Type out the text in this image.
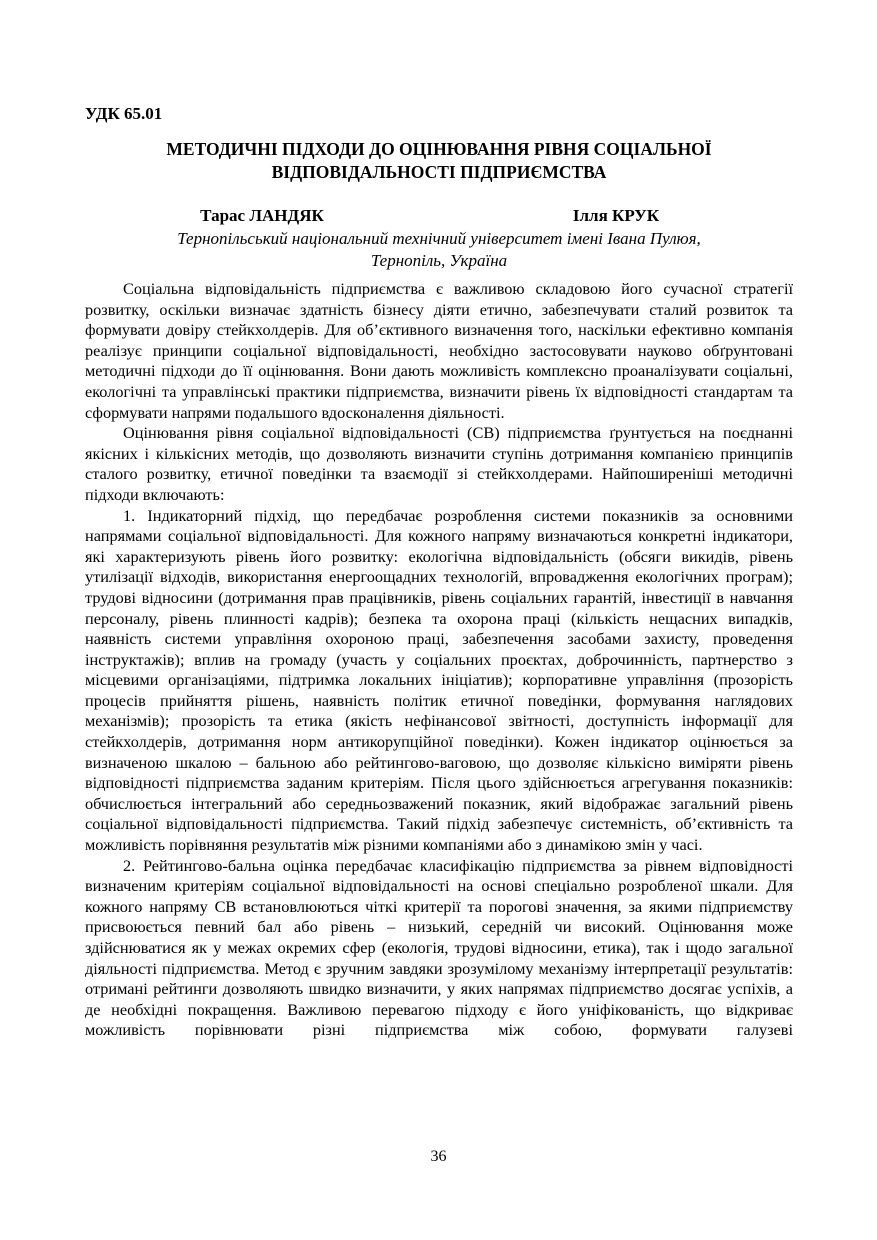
УДК 65.01
МЕТОДИЧНІ ПІДХОДИ ДО ОЦІНЮВАННЯ РІВНЯ СОЦІАЛЬНОЇ
ВІДПОВІДАЛЬНОСТІ ПІДПРИЄМСТВА
Тарас ЛАНДЯК	Ілля КРУК
Тернопільський національний технічний університет імені Івана Пулюя,
Тернопіль, Україна

Соціальна відповідальність підприємства є важливою складовою його сучасної стратегії розвитку, оскільки визначає здатність бізнесу діяти етично, забезпечувати сталий розвиток та формувати довіру стейкхолдерів. Для об’єктивного визначення того, наскільки ефективно компанія реалізує принципи соціальної відповідальності, необхідно застосовувати науково обґрунтовані методичні підходи до її оцінювання. Вони дають можливість комплексно проаналізувати соціальні, екологічні та управлінські практики підприємства, визначити рівень їх відповідності стандартам та сформувати напрями подальшого вдосконалення діяльності.

Оцінювання рівня соціальної відповідальності (СВ) підприємства ґрунтується на поєднанні якісних і кількісних методів, що дозволяють визначити ступінь дотримання компанією принципів сталого розвитку, етичної поведінки та взаємодії зі стейкхолдерами. Найпоширеніші методичні підходи включають:

1. Індикаторний підхід, що передбачає розроблення системи показників за основними напрямами соціальної відповідальності. Для кожного напряму визначаються конкретні індикатори, які характеризують рівень його розвитку: екологічна відповідальність (обсяги викидів, рівень утилізації відходів, використання енергоощадних технологій, впровадження екологічних програм); трудові відносини (дотримання прав працівників, рівень соціальних гарантій, інвестиції в навчання персоналу, рівень плинності кадрів); безпека та охорона праці (кількість нещасних випадків, наявність системи управління охороною праці, забезпечення засобами захисту, проведення інструктажів); вплив на громаду (участь у соціальних проєктах, доброчинність, партнерство з місцевими організаціями, підтримка локальних ініціатив); корпоративне управління (прозорість процесів прийняття рішень, наявність політик етичної поведінки, формування наглядових механізмів); прозорість та етика (якість нефінансової звітності, доступність інформації для стейкхолдерів, дотримання норм антикорупційної поведінки). Кожен індикатор оцінюється за визначеною шкалою – бальною або рейтингово-ваговою, що дозволяє кількісно виміряти рівень відповідності підприємства заданим критеріям. Після цього здійснюється агрегування показників: обчислюється інтегральний або середньозважений показник, який відображає загальний рівень соціальної відповідальності підприємства. Такий підхід забезпечує системність, об’єктивність та можливість порівняння результатів між різними компаніями або з динамікою змін у часі.

2. Рейтингово-бальна оцінка передбачає класифікацію підприємства за рівнем відповідності визначеним критеріям соціальної відповідальності на основі спеціально розробленої шкали. Для кожного напряму СВ встановлюються чіткі критерії та порогові значення, за якими підприємству присвоюється певний бал або рівень – низький, середній чи високий. Оцінювання може здійснюватися як у межах окремих сфер (екологія, трудові відносини, етика), так і щодо загальної діяльності підприємства. Метод є зручним завдяки зрозумілому механізму інтерпретації результатів: отримані рейтинги дозволяють швидко визначити, у яких напрямах підприємство досягає успіхів, а де необхідні покращення. Важливою перевагою підходу є його уніфікованість, що відкриває можливість порівнювати різні підприємства між собою, формувати галузеві

36
